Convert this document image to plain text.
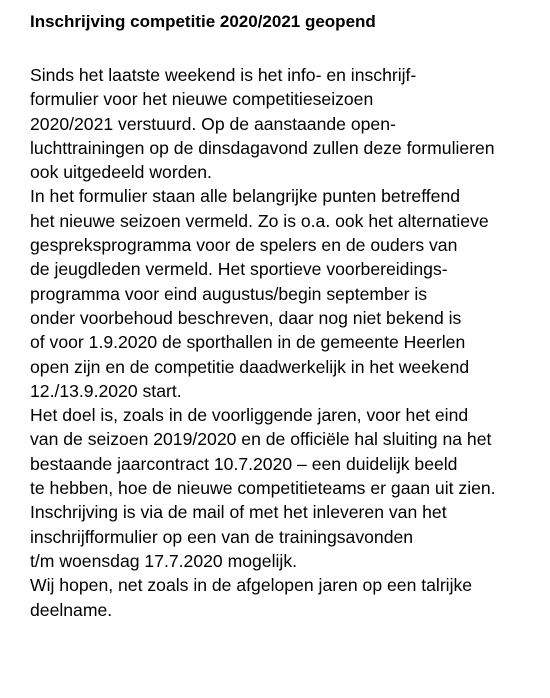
Inschrijving competitie 2020/2021 geopend
Sinds het laatste weekend is het info- en inschrijf-
formulier voor het nieuwe competitieseizoen
2020/2021 verstuurd. Op de aanstaande open-
luchttrainingen op de dinsdagavond zullen deze formulieren
ook uitgedeeld worden.
In het formulier staan alle belangrijke punten betreffend
het nieuwe seizoen vermeld. Zo is o.a. ook het alternatieve
gespreksprogramma voor de spelers en de ouders van
de jeugdleden vermeld. Het sportieve voorbereidings-
programma voor eind augustus/begin september is
onder voorbehoud beschreven, daar nog niet bekend is
of voor 1.9.2020 de sporthallen in de gemeente Heerlen
open zijn en de competitie daadwerkelijk in het weekend
12./13.9.2020 start.
Het doel is, zoals in de voorliggende jaren, voor het eind
van de seizoen 2019/2020 en de officiële hal sluiting na het
bestaande jaarcontract 10.7.2020 – een duidelijk beeld
te hebben, hoe de nieuwe competitieteams er gaan uit zien.
Inschrijving is via de mail of met het inleveren van het
inschrijfformulier op een van de trainingsavonden
t/m woensdag 17.7.2020 mogelijk.
Wij hopen, net zoals in de afgelopen jaren op een talrijke
deelname.
